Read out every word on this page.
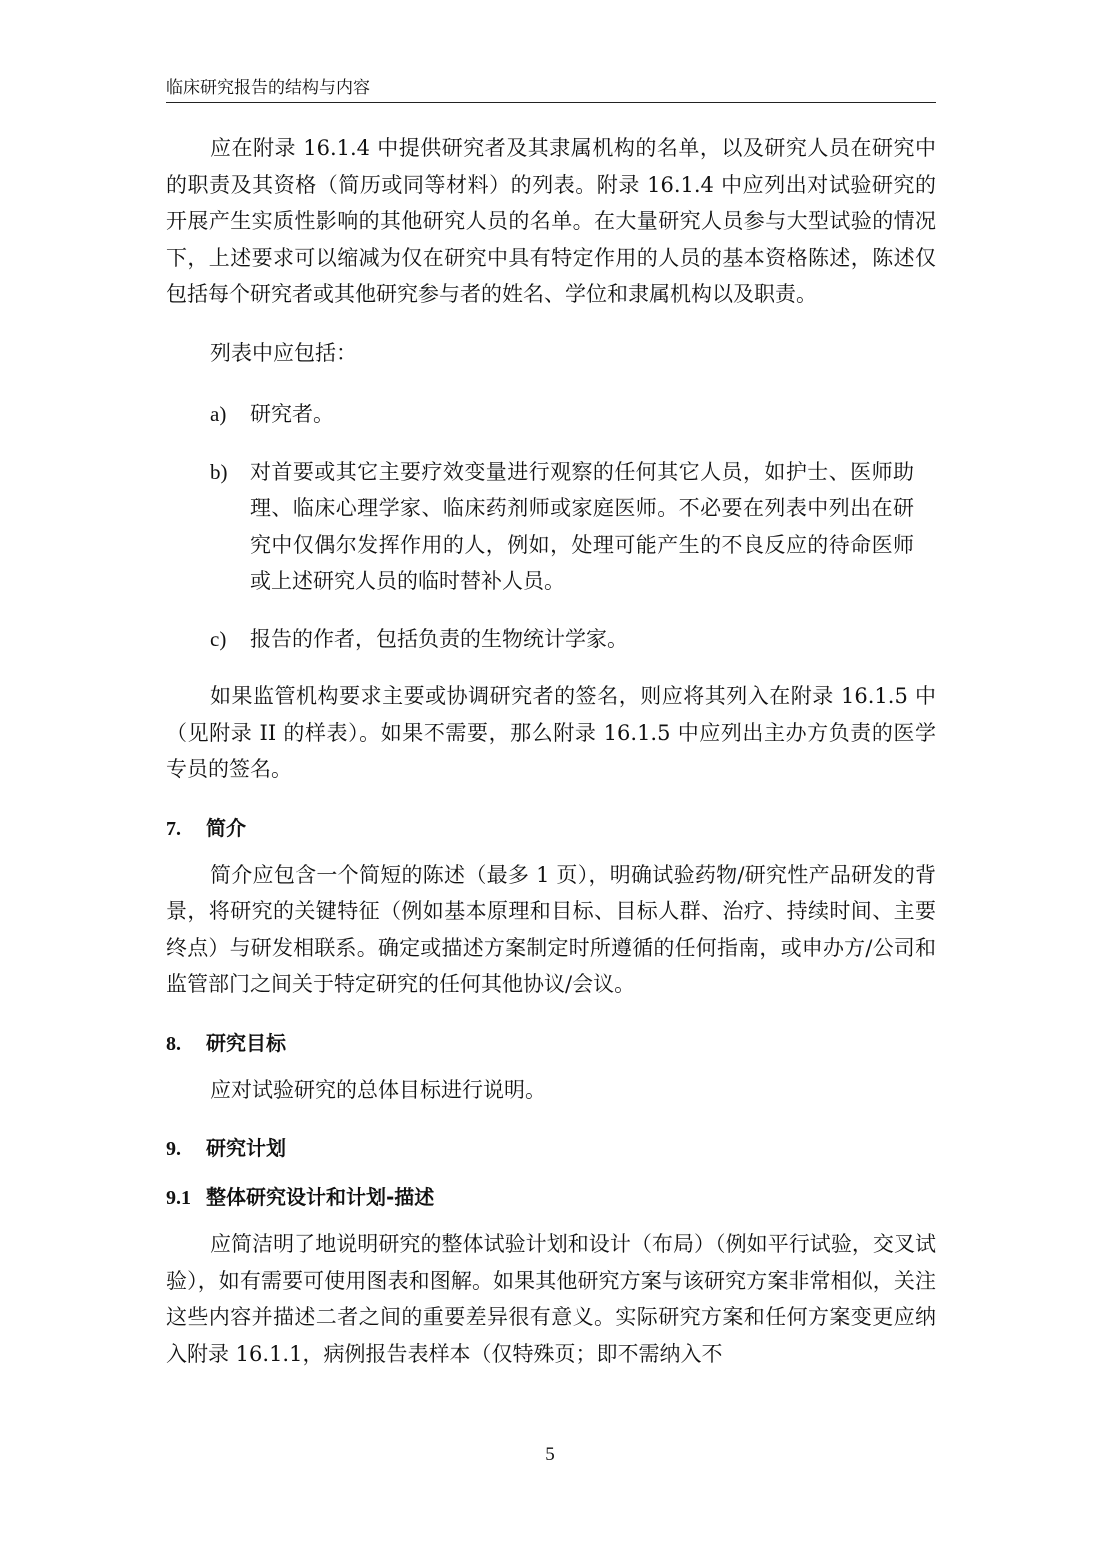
临床研究报告的结构与内容

应在附录 16.1.4 中提供研究者及其隶属机构的名单，以及研究人员在研究中的职责及其资格（简历或同等材料）的列表。附录 16.1.4 中应列出对试验研究的开展产生实质性影响的其他研究人员的名单。在大量研究人员参与大型试验的情况下，上述要求可以缩减为仅在研究中具有特定作用的人员的基本资格陈述，陈述仅包括每个研究者或其他研究参与者的姓名、学位和隶属机构以及职责。

列表中应包括：

a)	研究者。
b)	对首要或其它主要疗效变量进行观察的任何其它人员，如护士、医师助理、临床心理学家、临床药剂师或家庭医师。不必要在列表中列出在研究中仅偶尔发挥作用的人，例如，处理可能产生的不良反应的待命医师或上述研究人员的临时替补人员。
c)	报告的作者，包括负责的生物统计学家。

如果监管机构要求主要或协调研究者的签名，则应将其列入在附录 16.1.5 中（见附录 II 的样表）。如果不需要，那么附录 16.1.5 中应列出主办方负责的医学专员的签名。

7. 简介

简介应包含一个简短的陈述（最多 1 页），明确试验药物/研究性产品研发的背景，将研究的关键特征（例如基本原理和目标、目标人群、治疗、持续时间、主要终点）与研发相联系。确定或描述方案制定时所遵循的任何指南，或申办方/公司和监管部门之间关于特定研究的任何其他协议/会议。

8. 研究目标

应对试验研究的总体目标进行说明。

9. 研究计划
9.1 整体研究设计和计划-描述

应简洁明了地说明研究的整体试验计划和设计（布局）（例如平行试验，交叉试验），如有需要可使用图表和图解。如果其他研究方案与该研究方案非常相似，关注这些内容并描述二者之间的重要差异很有意义。实际研究方案和任何方案变更应纳入附录 16.1.1，病例报告表样本（仅特殊页；即不需纳入不

5
